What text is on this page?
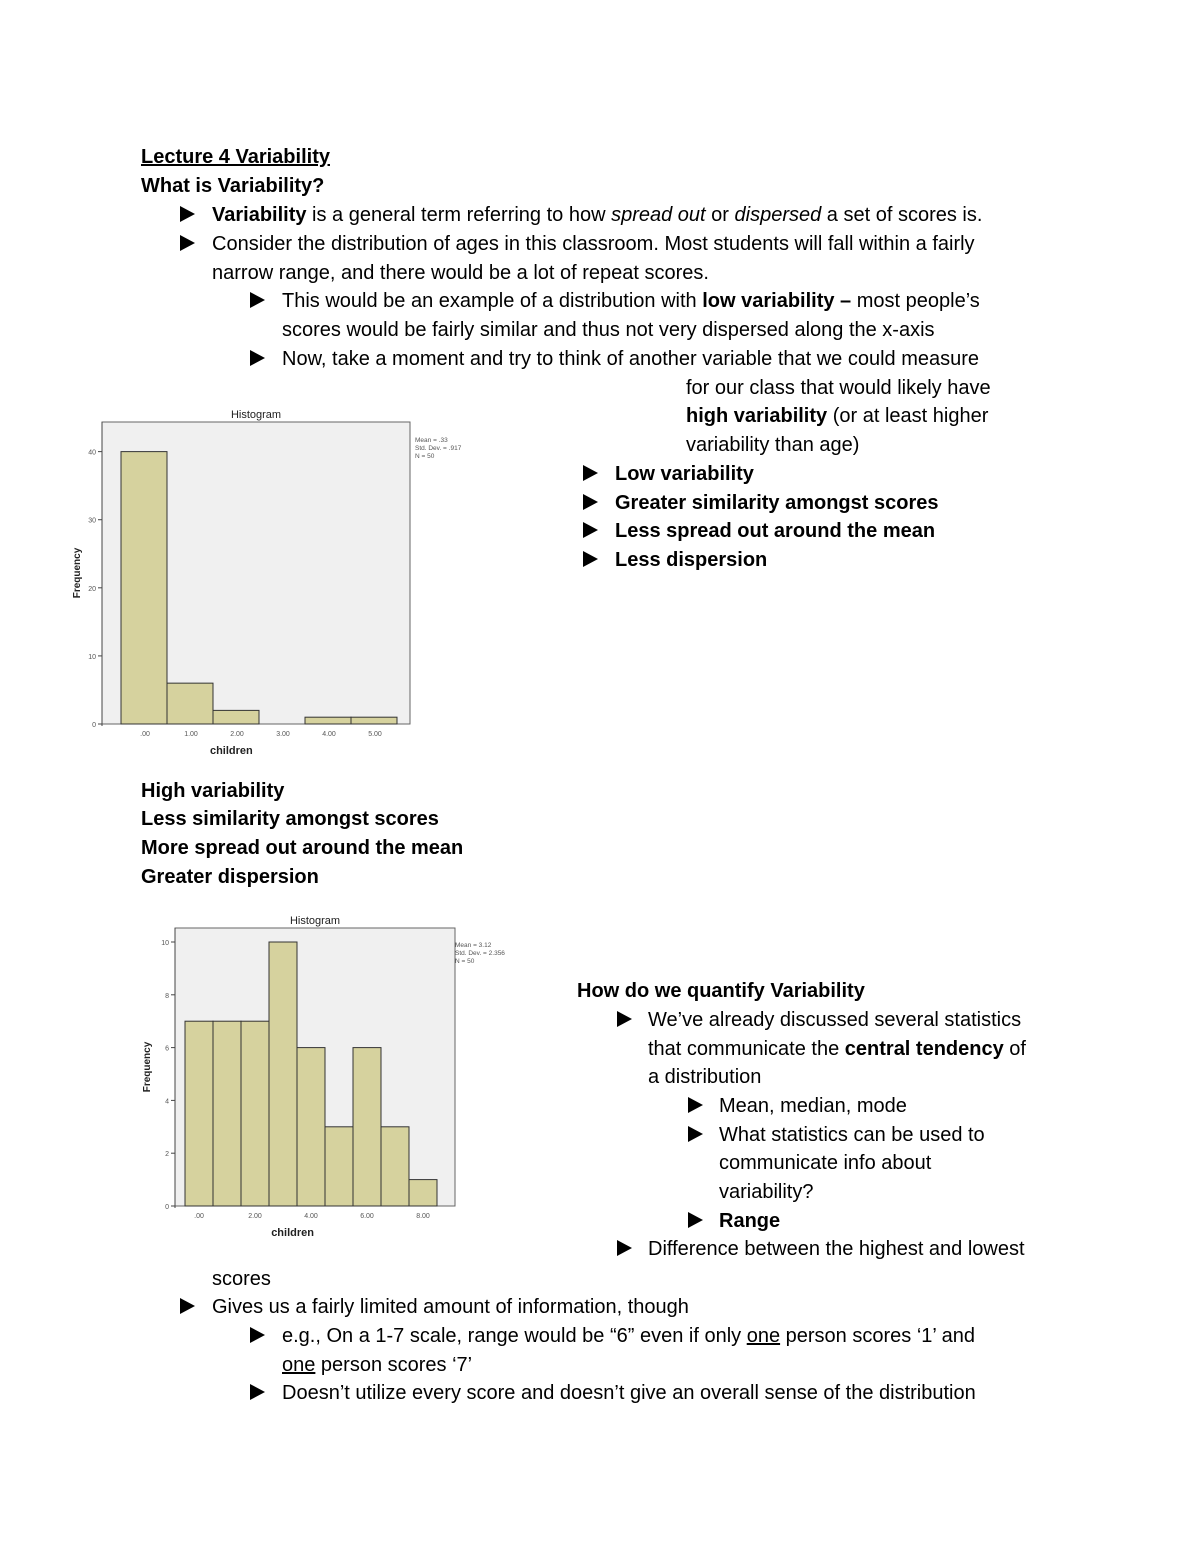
Lecture 4 Variability
What is Variability?
Variability is a general term referring to how spread out or dispersed a set of scores is.
Consider the distribution of ages in this classroom. Most students will fall within a fairly
narrow range, and there would be a lot of repeat scores.
This would be an example of a distribution with low variability – most people’s
scores would be fairly similar and thus not very dispersed along the x-axis
Now, take a moment and try to think of another variable that we could measure
for our class that would likely have
high variability (or at least higher
variability than age)
Low variability
Greater similarity amongst scores
Less spread out around the mean
Less dispersion
Histogram
0
10
20
30
40
.00	1.00	2.00	3.00	4.00	5.00
children
Frequency
Mean = .33
Std. Dev. = .917
N = 50
High variability
Less similarity amongst scores
More spread out around the mean
Greater dispersion
Histogram
0
2
4
6
8
10
.00	2.00	4.00	6.00	8.00
children
Frequency
Mean = 3.12
Std. Dev. = 2.356
N = 50
How do we quantify Variability
We’ve already discussed several statistics
that communicate the central tendency of
a distribution
Mean, median, mode
What statistics can be used to
communicate info about
variability?
Range
Difference between the highest and lowest
scores
Gives us a fairly limited amount of information, though
e.g., On a 1-7 scale, range would be “6” even if only one person scores ‘1’ and
one person scores ‘7’
Doesn’t utilize every score and doesn’t give an overall sense of the distribution
